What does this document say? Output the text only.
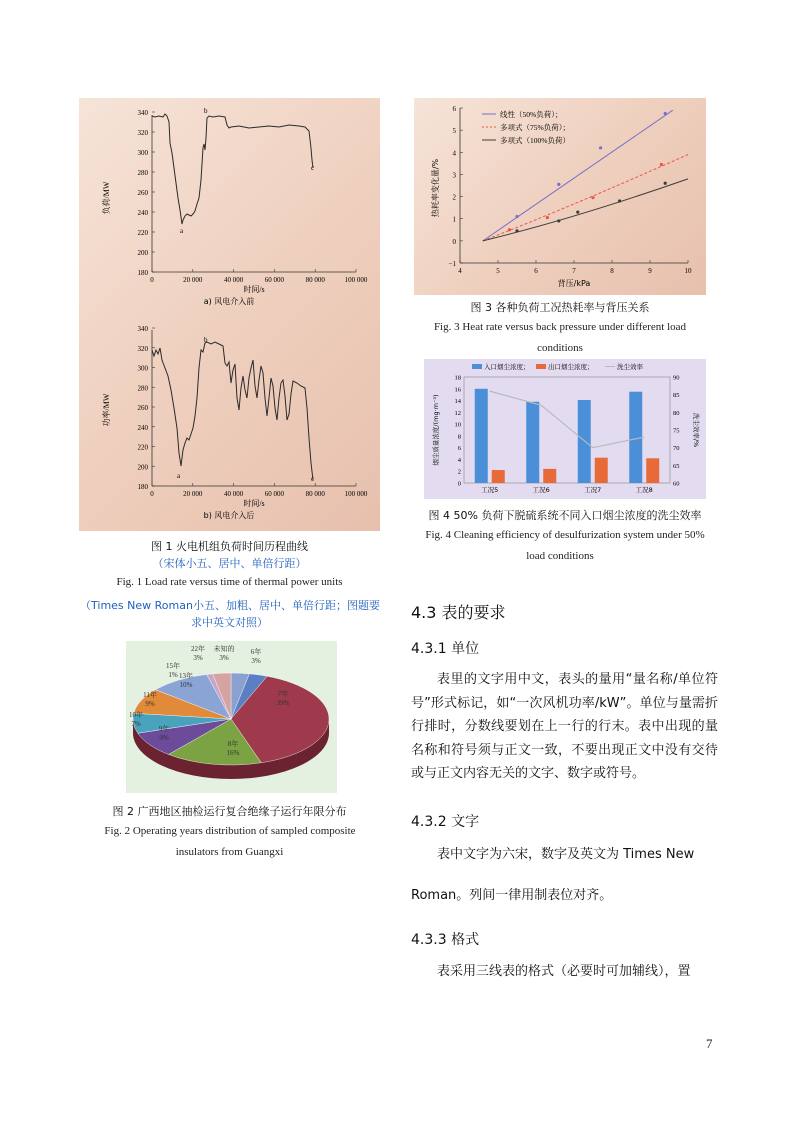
340
320
300
280
260
240
220
200
180
0	20 000	40 000	60 000	80 000	100 000
负荷/MW
时间/s
a) 风电介入前
a
b
c
340
320
300
280
260
240
220
200
180
0	20 000	40 000	60 000	80 000	100 000
功率/MW
时间/s
b) 风电介入后
a
b
c
图 1 火电机组负荷时间历程曲线
（宋体小五、居中、单倍行距）
Fig. 1 Load rate versus time of thermal power units
（Times New Roman小五、加粗、居中、单倍行距；图题要
求中英文对照）
未知的
3%
6年
3%
7年
39%
8年
16%
9年
9%
10年
7%
11年
9%
13年
10%
15年
1%
22年
3%
图 2 广西地区抽检运行复合绝缘子运行年限分布
Fig. 2 Operating years distribution of sampled composite
insulators from Guangxi
6
5
4
3
2
1
0
−1
4	5	6	7	8	9	10
热耗率变化量/%
背压/kPa
线性（50%负荷）；
多项式（75%负荷）；
多项式（100%负荷）
图 3 各种负荷工况热耗率与背压关系
Fig. 3 Heat rate versus back pressure under different load
conditions
18
16
14
12
10
8
6
4
2
0
90
85
80
75
70
65
60
烟尘质量浓度/(mg·m⁻³)	洗尘效率/%
入口烟尘浓度；	出口烟尘浓度；	洗尘效率
工况5	工况6	工况7	工况8
图 4 50% 负荷下脱硫系统不同入口烟尘浓度的洗尘效率
Fig. 4 Cleaning efficiency of desulfurization system under 50%
load conditions
4.3 表的要求
4.3.1 单位
表里的文字用中文，表头的量用“量名称/单位符号”形式标记，如“一次风机功率/kW”。单位与量需折行排时，分数线要划在上一行的行末。表中出现的量名称和符号须与正文一致，不要出现正文中没有交待或与正文内容无关的文字、数字或符号。
4.3.2 文字
表中文字为六宋，数字及英文为 Times New
Roman。列间一律用制表位对齐。
4.3.3 格式
表采用三线表的格式（必要时可加辅线），置
7
